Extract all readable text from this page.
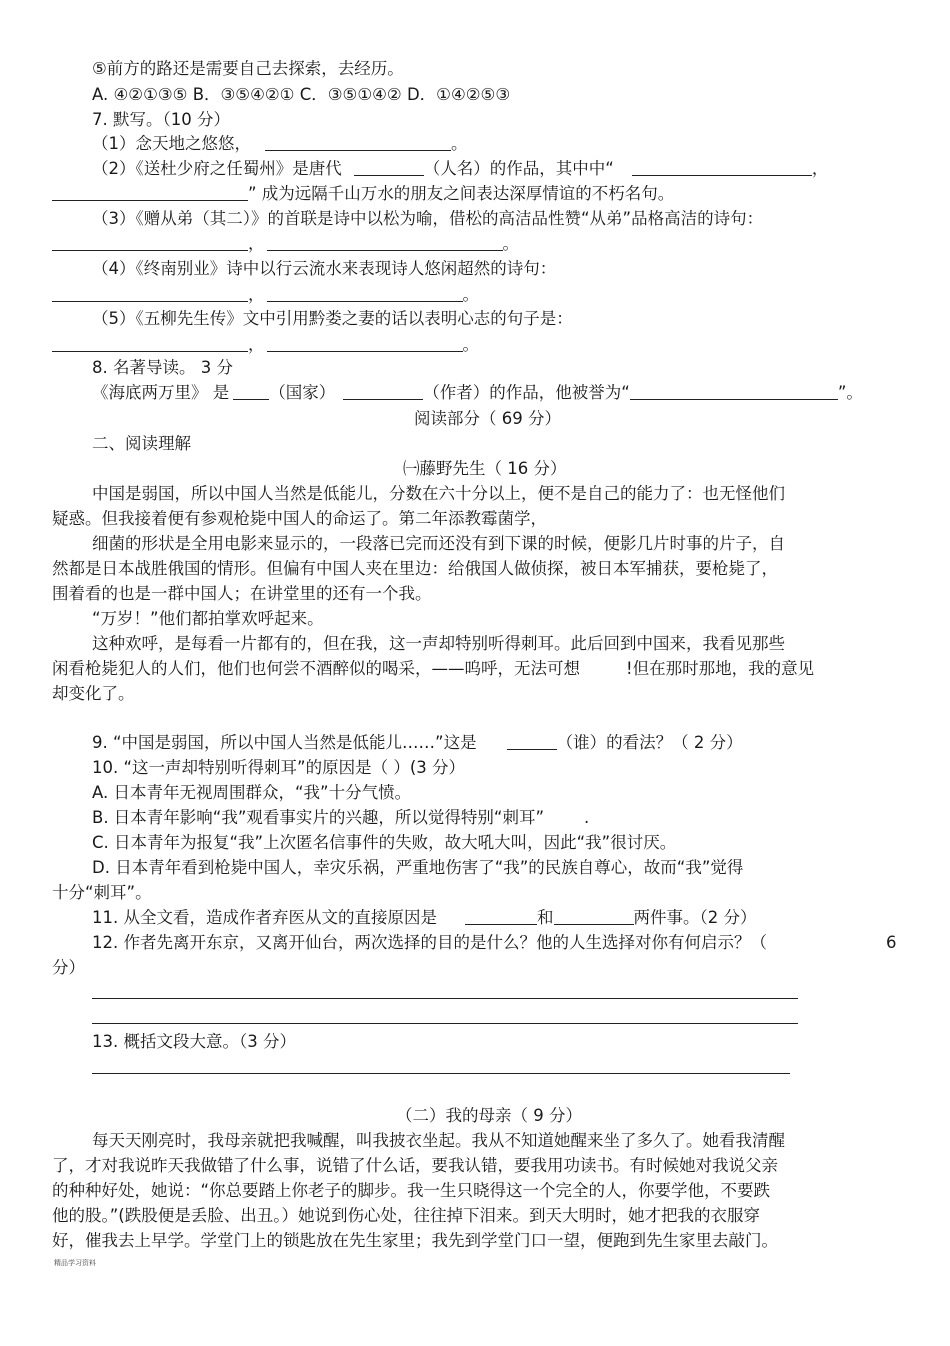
⑤前方的路还是需要自己去探索，去经历。
A. ④②①③⑤ B．③⑤④②① C．③⑤①④② D．①④②⑤③
7. 默写。（10 分）
（1）念天地之悠悠，	。
（2）《送杜少府之任蜀州》是唐代	（人名）的作品，其中中“	，
” 成为远隔千山万水的朋友之间表达深厚情谊的不朽名句。
（3）《赠从弟（其二）》的首联是诗中以松为喻，借松的高洁品性赞“从弟”品格高洁的诗句：
，	。
（4）《终南别业》诗中以行云流水来表现诗人悠闲超然的诗句：
，	。
（5）《五柳先生传》文中引用黔娄之妻的话以表明心志的句子是：
，	。
8. 名著导读。 3 分
《海底两万里》 是 （国家）	（作者）的作品，他被誉为“	”。
阅读部分（ 69 分）
二、阅读理解
㈠藤野先生（ 16 分）
中国是弱国，所以中国人当然是低能儿，分数在六十分以上，便不是自己的能力了：也无怪他们
疑惑。但我接着便有参观枪毙中国人的命运了。第二年添教霉菌学，
细菌的形状是全用电影来显示的，一段落已完而还没有到下课的时候，便影几片时事的片子，自
然都是日本战胜俄国的情形。但偏有中国人夹在里边：给俄国人做侦探，被日本军捕获，要枪毙了，
围着看的也是一群中国人；在讲堂里的还有一个我。
“万岁！”他们都拍掌欢呼起来。
这种欢呼，是每看一片都有的，但在我，这一声却特别听得刺耳。此后回到中国来，我看见那些
闲看枪毙犯人的人们，他们也何尝不酒醉似的喝采，——呜呼，无法可想	!但在那时那地，我的意见
却变化了。
9. “中国是弱国，所以中国人当然是低能儿……”这是	（谁）的看法？（ 2 分）
10. “这一声却特别听得刺耳”的原因是（ ）(3 分）
A. 日本青年无视周围群众，“我”十分气愤。
B. 日本青年影响“我”观看事实片的兴趣，所以觉得特别“刺耳” .
C. 日本青年为报复“我”上次匿名信事件的失败，故大吼大叫，因此“我”很讨厌。
D. 日本青年看到枪毙中国人，幸灾乐祸，严重地伤害了“我”的民族自尊心，故而“我”觉得
十分“刺耳”。
11. 从全文看，造成作者弃医从文的直接原因是	和	两件事。（2 分）
12. 作者先离开东京，又离开仙台，两次选择的目的是什么？他的人生选择对你有何启示？（	6
分）
13. 概括文段大意。（3 分）
（二）我的母亲（ 9 分）
每天天刚亮时，我母亲就把我喊醒，叫我披衣坐起。我从不知道她醒来坐了多久了。她看我清醒
了，才对我说昨天我做错了什么事，说错了什么话，要我认错，要我用功读书。有时候她对我说父亲
的种种好处，她说：“你总要踏上你老子的脚步。我一生只晓得这一个完全的人，你要学他，不要跌
他的股。”(跌股便是丢脸、出丑。）她说到伤心处，往往掉下泪来。到天大明时，她才把我的衣服穿
好，催我去上早学。学堂门上的锁匙放在先生家里；我先到学堂门口一望，便跑到先生家里去敲门。
精品学习资料
